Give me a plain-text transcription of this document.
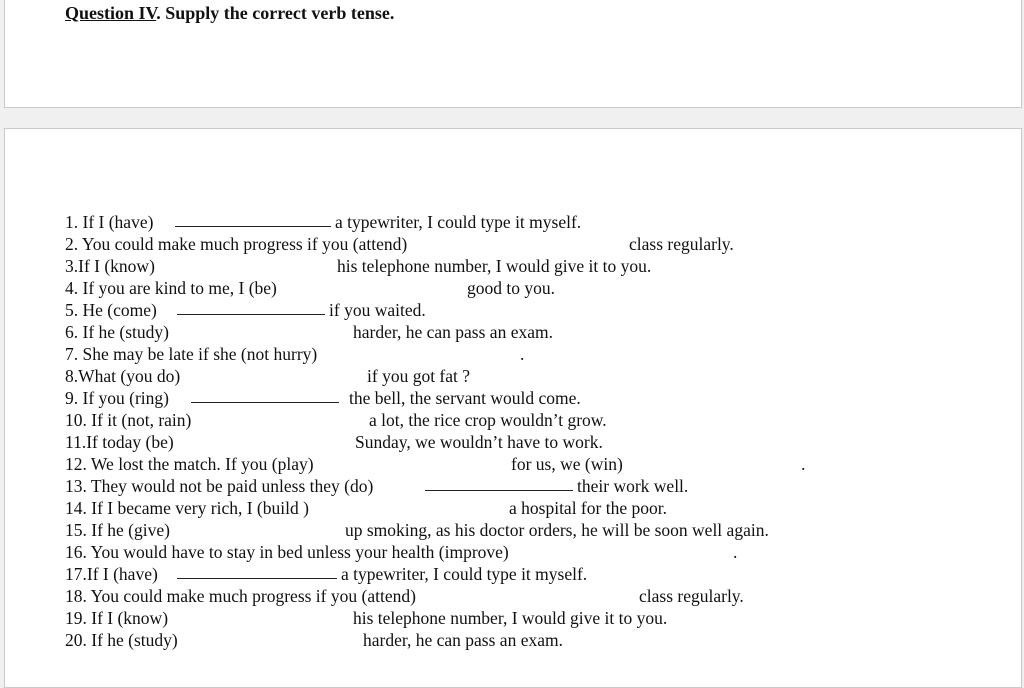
Question IV. Supply the correct verb tense.
1. If I (have)	a typewriter, I could type it myself.
2. You could make much progress if you (attend)	class regularly.
3.If I (know)	his telephone number, I would give it to you.
4. If you are kind to me, I (be)	good to you.
5. He (come)	if you waited.
6. If he (study)	harder, he can pass an exam.
7. She may be late if she (not hurry)	.
8.What (you do)	if you got fat ?
9. If you (ring)	the bell, the servant would come.
10. If it (not, rain)	a lot, the rice crop wouldn’t grow.
11.If today (be)	Sunday, we wouldn’t have to work.
12. We lost the match. If you (play)	for us, we (win)	.
13. They would not be paid unless they (do)	their work well.
14. If I became very rich, I (build )	a hospital for the poor.
15. If he (give)	up smoking, as his doctor orders, he will be soon well again.
16. You would have to stay in bed unless your health (improve)	.
17.If I (have)	a typewriter, I could type it myself.
18. You could make much progress if you (attend)	class regularly.
19. If I (know)	his telephone number, I would give it to you.
20. If he (study)	harder, he can pass an exam.
